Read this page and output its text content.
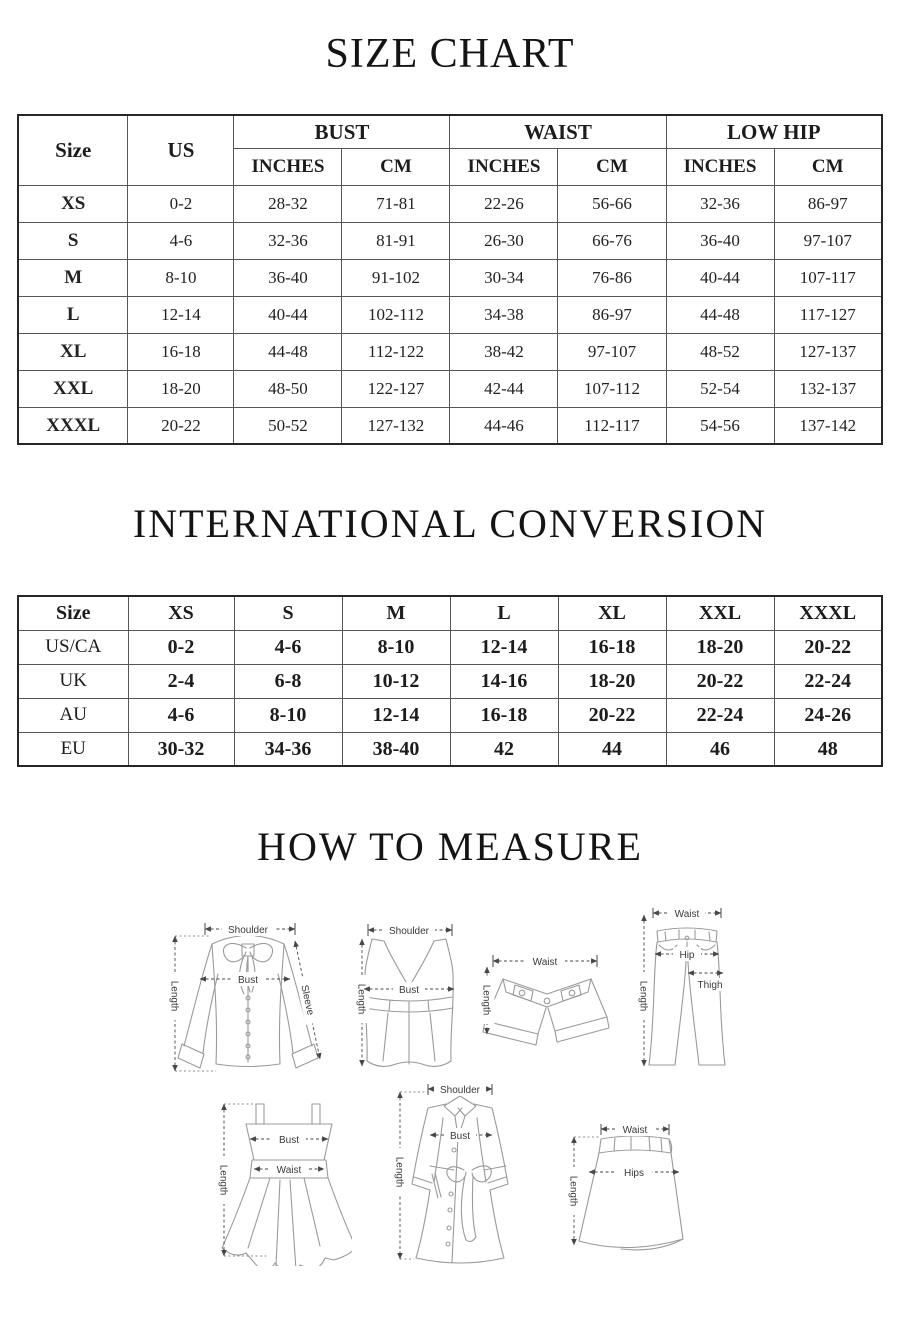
SIZE CHART
Size	US	BUST		WAIST		LOW HIP	
		INCHES	CM	INCHES	CM	INCHES	CM
XS	0-2	28-32	71-81	22-26	56-66	32-36	86-97
S	4-6	32-36	81-91	26-30	66-76	36-40	97-107
M	8-10	36-40	91-102	30-34	76-86	40-44	107-117
L	12-14	40-44	102-112	34-38	86-97	44-48	117-127
XL	16-18	44-48	112-122	38-42	97-107	48-52	127-137
XXL	18-20	48-50	122-127	42-44	107-112	52-54	132-137
XXXL	20-22	50-52	127-132	44-46	112-117	54-56	137-142
INTERNATIONAL CONVERSION
Size	XS	S	M	L	XL	XXL	XXXL
US/CA	0-2	4-6	8-10	12-14	16-18	18-20	20-22
UK	2-4	6-8	10-12	14-16	18-20	20-22	22-24
AU	4-6	8-10	12-14	16-18	20-22	22-24	24-26
EU	30-32	34-36	38-40	42	44	46	48
HOW TO MEASURE
Shoulder
Length
Bust
Sleeve
Shoulder
Length	Bust
Waist
Length
Waist
Hip
Thigh
Length
Length
Bust
Waist
Shoulder
Bust
Length
Waist
Hips
Length
